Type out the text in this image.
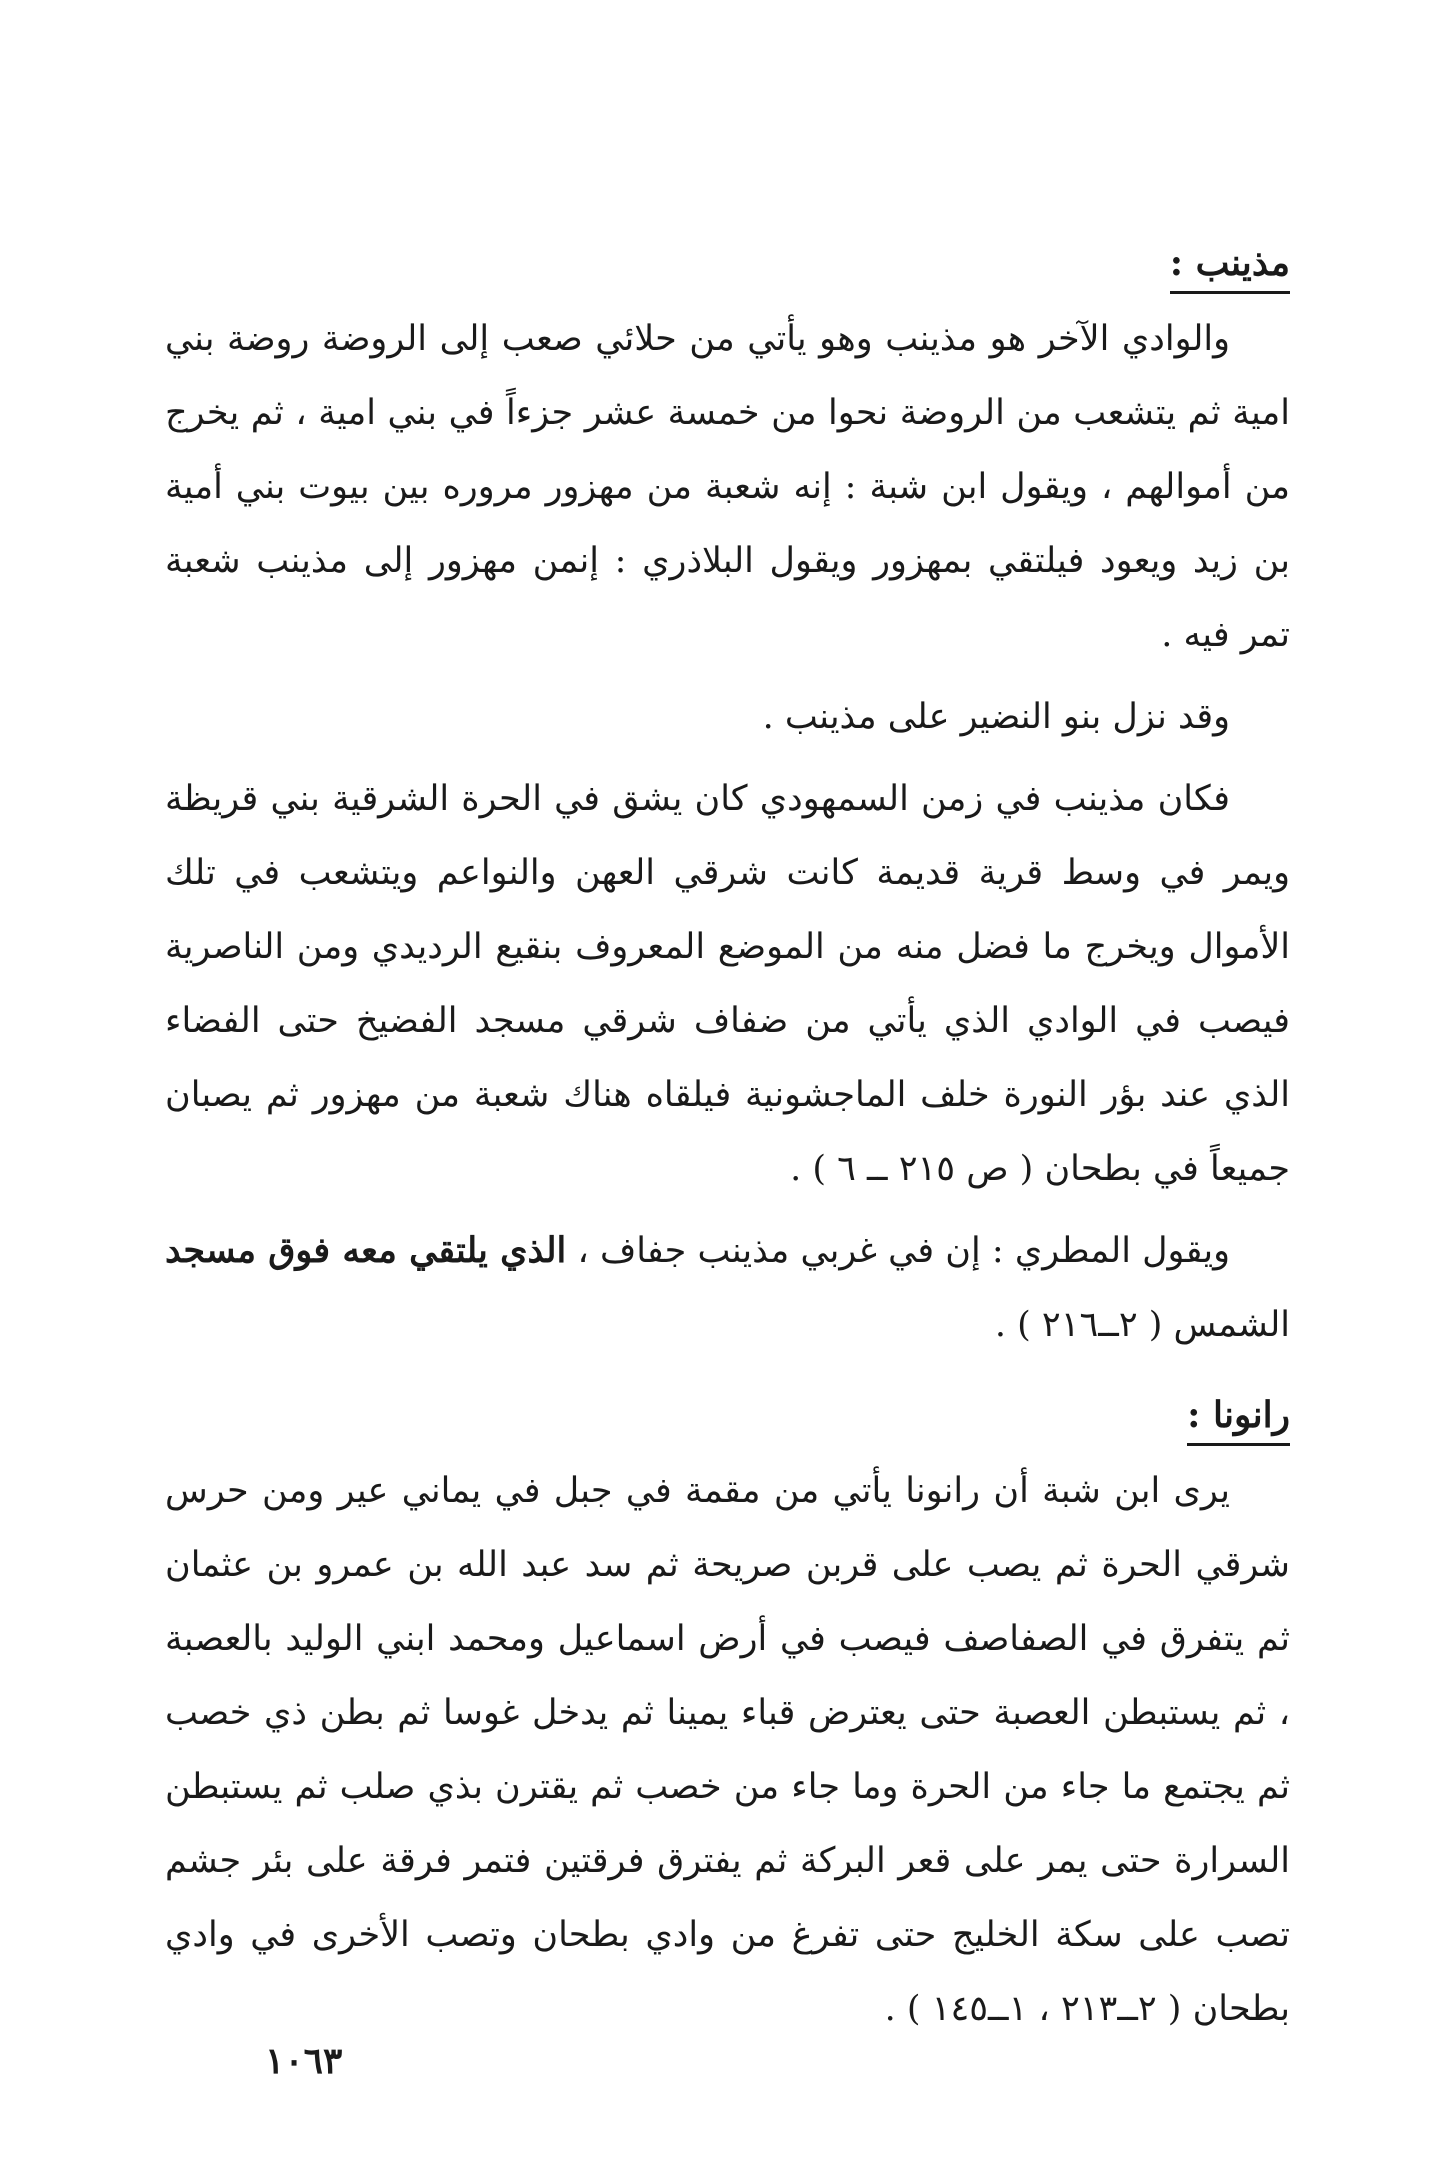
مذينب :

والوادي الآخر هو مذينب وهو يأتي من حلائي صعب إلى الروضة روضة بني امية ثم يتشعب من الروضة نحوا من خمسة عشر جزءاً في بني امية ، ثم يخرج من أموالهم ، ويقول ابن شبة : إنه شعبة من مهزور مروره بين بيوت بني أمية بن زيد ويعود فيلتقي بمهزور ويقول البلاذري : إنمن مهزور إلى مذينب شعبة تمر فيه .

وقد نزل بنو النضير على مذينب .

فكان مذينب في زمن السمهودي كان يشق في الحرة الشرقية بني قريظة ويمر في وسط قرية قديمة كانت شرقي العهن والنواعم ويتشعب في تلك الأموال ويخرج ما فضل منه من الموضع المعروف بنقيع الرديدي ومن الناصرية فيصب في الوادي الذي يأتي من ضفاف شرقي مسجد الفضيخ حتى الفضاء الذي عند بؤر النورة خلف الماجشونية فيلقاه هناك شعبة من مهزور ثم يصبان جميعاً في بطحان ( ص ٢١٥ ــ ٦ ) .

ويقول المطري : إن في غربي مذينب جفاف ، الذي يلتقي معه فوق مسجد الشمس ( ٢ــ٢١٦ ) .

رانونا :

يرى ابن شبة أن رانونا يأتي من مقمة في جبل في يماني عير ومن حرس شرقي الحرة ثم يصب على قربن صريحة ثم سد عبد الله بن عمرو بن عثمان ثم يتفرق في الصفاصف فيصب في أرض اسماعيل ومحمد ابني الوليد بالعصبة ، ثم يستبطن العصبة حتى يعترض قباء يمينا ثم يدخل غوسا ثم بطن ذي خصب ثم يجتمع ما جاء من الحرة وما جاء من خصب ثم يقترن بذي صلب ثم يستبطن السرارة حتى يمر على قعر البركة ثم يفترق فرقتين فتمر فرقة على بئر جشم تصب على سكة الخليج حتى تفرغ من وادي بطحان وتصب الأخرى في وادي بطحان ( ٢ــ٢١٣ ، ١ــ١٤٥ ) .

١٠٦٣
